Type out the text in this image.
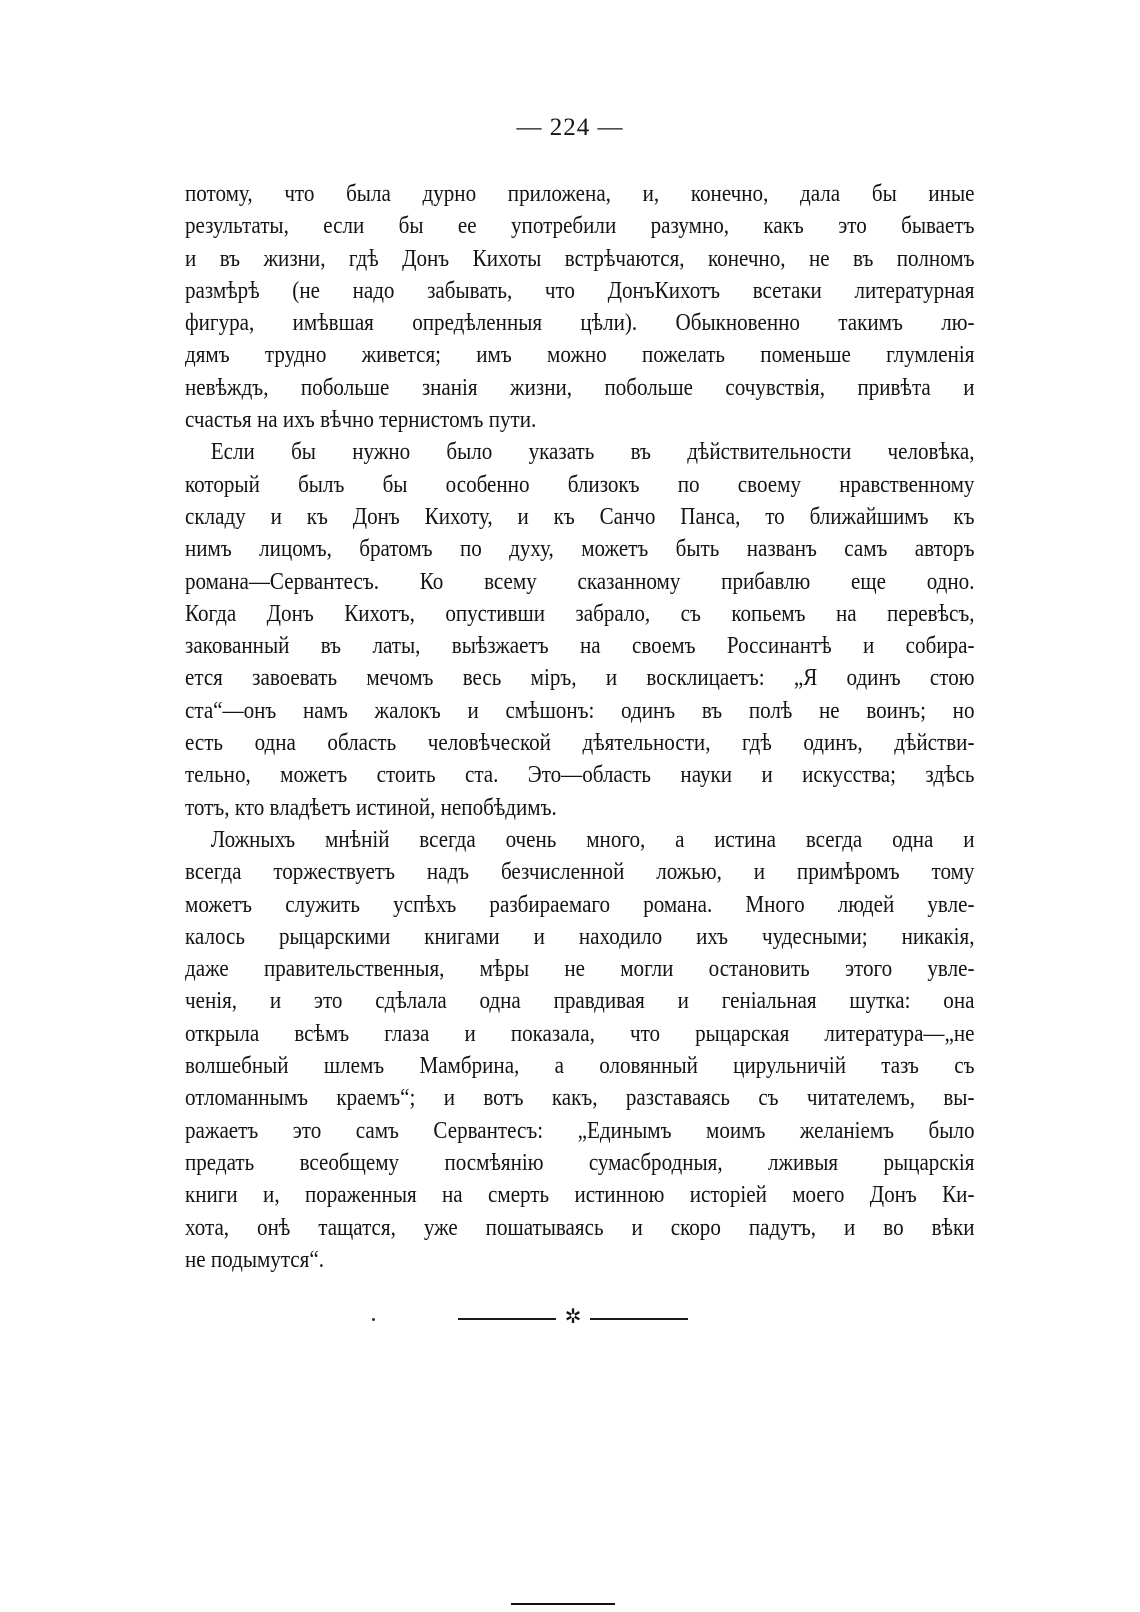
— 224 —
потому, что была дурно приложена, и, конечно, дала бы иные
результаты, если бы ее употребили разумно, какъ это бываетъ
и въ жизни, гдѣ Донъ Кихоты встрѣчаются, конечно, не въ полномъ
размѣрѣ (не надо забывать, что ДонъКихотъ всетаки литературная
фигура, имѣвшая опредѣленныя цѣли). Обыкновенно такимъ лю-
дямъ трудно живется; имъ можно пожелать поменьше глумленія
невѣждъ, побольше знанія жизни, побольше сочувствія, привѣта и
счастья на ихъ вѣчно тернистомъ пути.
Если бы нужно было указать въ дѣйствительности человѣка,
который былъ бы особенно близокъ по своему нравственному
складу и къ Донъ Кихоту, и къ Санчо Панса, то ближайшимъ къ
нимъ лицомъ, братомъ по духу, можетъ быть названъ самъ авторъ
романа—Сервантесъ. Ко всему сказанному прибавлю еще одно.
Когда Донъ Кихотъ, опустивши забрало, съ копьемъ на перевѣсъ,
закованный въ латы, выѣзжаетъ на своемъ Россинантѣ и собира-
ется завоевать мечомъ весь міръ, и восклицаетъ: „Я одинъ стою
ста“—онъ намъ жалокъ и смѣшонъ: одинъ въ полѣ не воинъ; но
есть одна область человѣческой дѣятельности, гдѣ одинъ, дѣйстви-
тельно, можетъ стоить ста. Это—область науки и искусства; здѣсь
тотъ, кто владѣетъ истиной, непобѣдимъ.
Ложныхъ мнѣній всегда очень много, а истина всегда одна и
всегда торжествуетъ надъ безчисленной ложью, и примѣромъ тому
можетъ служить успѣхъ разбираемаго романа. Много людей увле-
калось рыцарскими книгами и находило ихъ чудесными; никакія,
даже правительственныя, мѣры не могли остановить этого увле-
ченія, и это сдѣлала одна правдивая и геніальная шутка: она
открыла всѣмъ глаза и показала, что рыцарская литература—„не
волшебный шлемъ Мамбрина, а оловянный цирульничій тазъ съ
отломаннымъ краемъ“; и вотъ какъ, разставаясь съ читателемъ, вы-
ражаетъ это самъ Сервантесъ: „Единымъ моимъ желаніемъ было
предать всеобщему посмѣянію сумасбродныя, лживыя рыцарскія
книги и, пораженныя на смерть истинною исторіей моего Донъ Ки-
хота, онѣ тащатся, уже пошатываясь и скоро падутъ, и во вѣки
не подымутся“.
✲
